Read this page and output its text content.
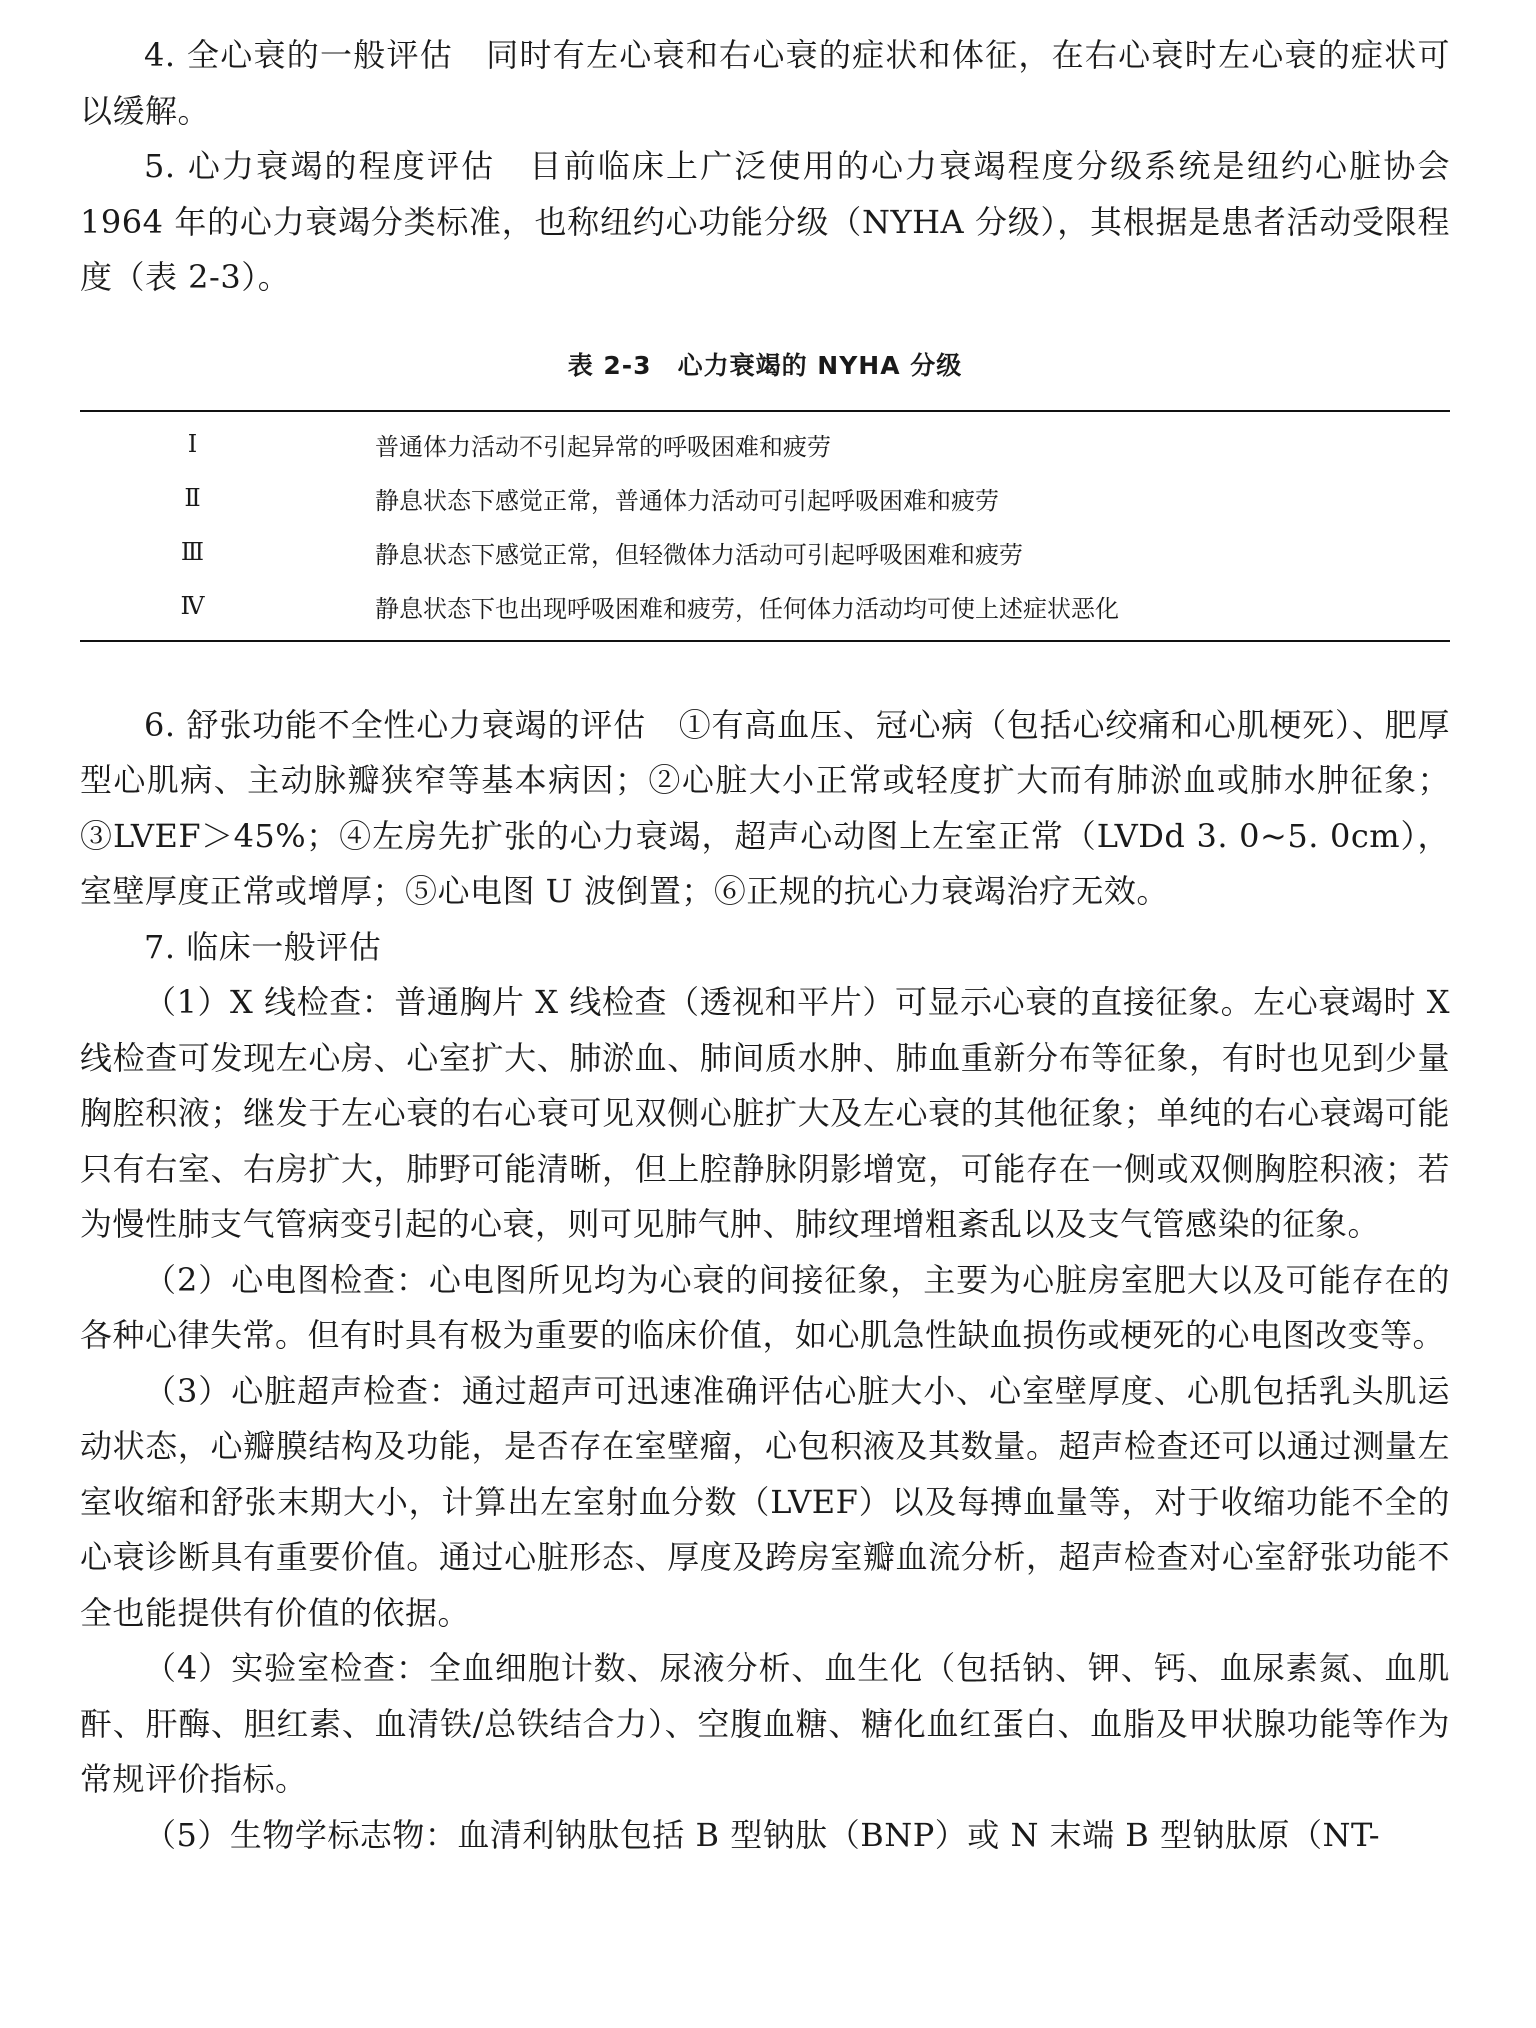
4. 全心衰的一般评估　同时有左心衰和右心衰的症状和体征，在右心衰时左心衰的症状可以缓解。

5. 心力衰竭的程度评估　目前临床上广泛使用的心力衰竭程度分级系统是纽约心脏协会 1964 年的心力衰竭分类标准，也称纽约心功能分级（NYHA 分级），其根据是患者活动受限程度（表 2-3）。

表 2-3　心力衰竭的 NYHA 分级
Ⅰ	普通体力活动不引起异常的呼吸困难和疲劳
Ⅱ	静息状态下感觉正常，普通体力活动可引起呼吸困难和疲劳
Ⅲ	静息状态下感觉正常，但轻微体力活动可引起呼吸困难和疲劳
Ⅳ	静息状态下也出现呼吸困难和疲劳，任何体力活动均可使上述症状恶化

6. 舒张功能不全性心力衰竭的评估　①有高血压、冠心病（包括心绞痛和心肌梗死）、肥厚型心肌病、主动脉瓣狭窄等基本病因；②心脏大小正常或轻度扩大而有肺淤血或肺水肿征象；③LVEF＞45%；④左房先扩张的心力衰竭，超声心动图上左室正常（LVDd 3. 0~5. 0cm），室壁厚度正常或增厚；⑤心电图 U 波倒置；⑥正规的抗心力衰竭治疗无效。

7. 临床一般评估

（1）X 线检查：普通胸片 X 线检查（透视和平片）可显示心衰的直接征象。左心衰竭时 X 线检查可发现左心房、心室扩大、肺淤血、肺间质水肿、肺血重新分布等征象，有时也见到少量胸腔积液；继发于左心衰的右心衰可见双侧心脏扩大及左心衰的其他征象；单纯的右心衰竭可能只有右室、右房扩大，肺野可能清晰，但上腔静脉阴影增宽，可能存在一侧或双侧胸腔积液；若为慢性肺支气管病变引起的心衰，则可见肺气肿、肺纹理增粗紊乱以及支气管感染的征象。

（2）心电图检查：心电图所见均为心衰的间接征象，主要为心脏房室肥大以及可能存在的各种心律失常。但有时具有极为重要的临床价值，如心肌急性缺血损伤或梗死的心电图改变等。

（3）心脏超声检查：通过超声可迅速准确评估心脏大小、心室壁厚度、心肌包括乳头肌运动状态，心瓣膜结构及功能，是否存在室壁瘤，心包积液及其数量。超声检查还可以通过测量左室收缩和舒张末期大小，计算出左室射血分数（LVEF）以及每搏血量等，对于收缩功能不全的心衰诊断具有重要价值。通过心脏形态、厚度及跨房室瓣血流分析，超声检查对心室舒张功能不全也能提供有价值的依据。

（4）实验室检查：全血细胞计数、尿液分析、血生化（包括钠、钾、钙、血尿素氮、血肌酐、肝酶、胆红素、血清铁/总铁结合力）、空腹血糖、糖化血红蛋白、血脂及甲状腺功能等作为常规评价指标。

（5）生物学标志物：血清利钠肽包括 B 型钠肽（BNP）或 N 末端 B 型钠肽原（NT-
